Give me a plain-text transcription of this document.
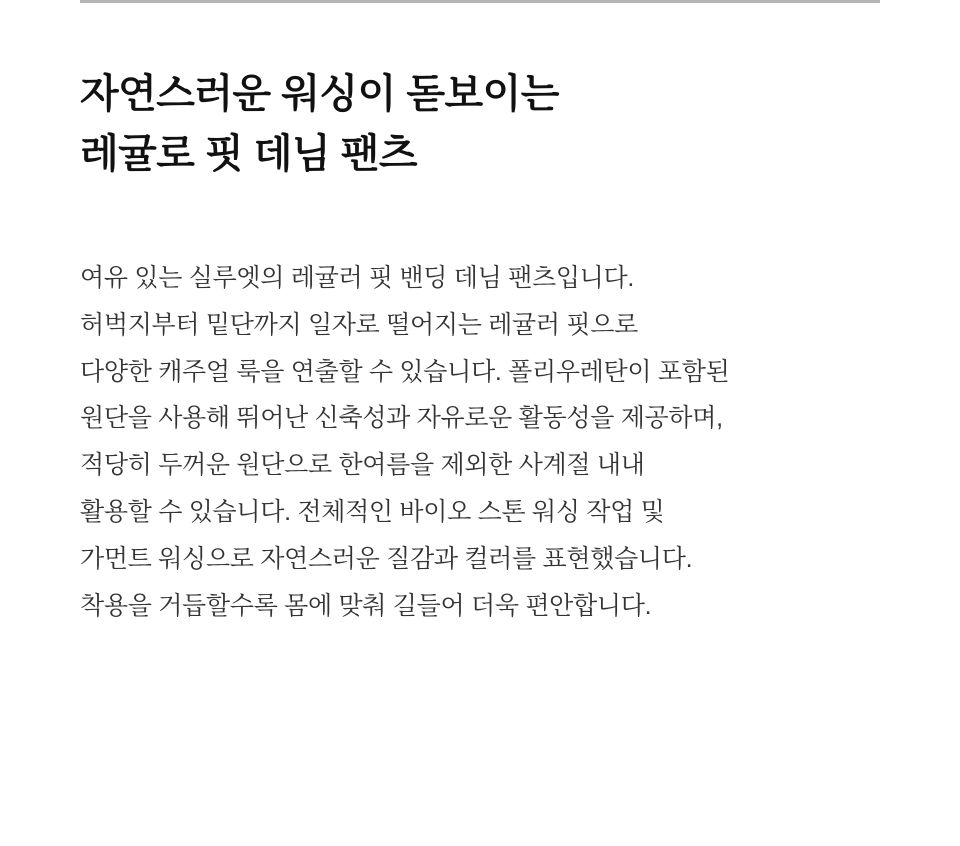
자연스러운 워싱이 돋보이는
레귤로 핏 데님 팬츠
여유 있는 실루엣의 레귤러 핏 밴딩 데님 팬츠입니다.
허벅지부터 밑단까지 일자로 떨어지는 레귤러 핏으로
다양한 캐주얼 룩을 연출할 수 있습니다. 폴리우레탄이 포함된
원단을 사용해 뛰어난 신축성과 자유로운 활동성을 제공하며,
적당히 두꺼운 원단으로 한여름을 제외한 사계절 내내
활용할 수 있습니다. 전체적인 바이오 스톤 워싱 작업 및
가먼트 워싱으로 자연스러운 질감과 컬러를 표현했습니다.
착용을 거듭할수록 몸에 맞춰 길들어 더욱 편안합니다.
